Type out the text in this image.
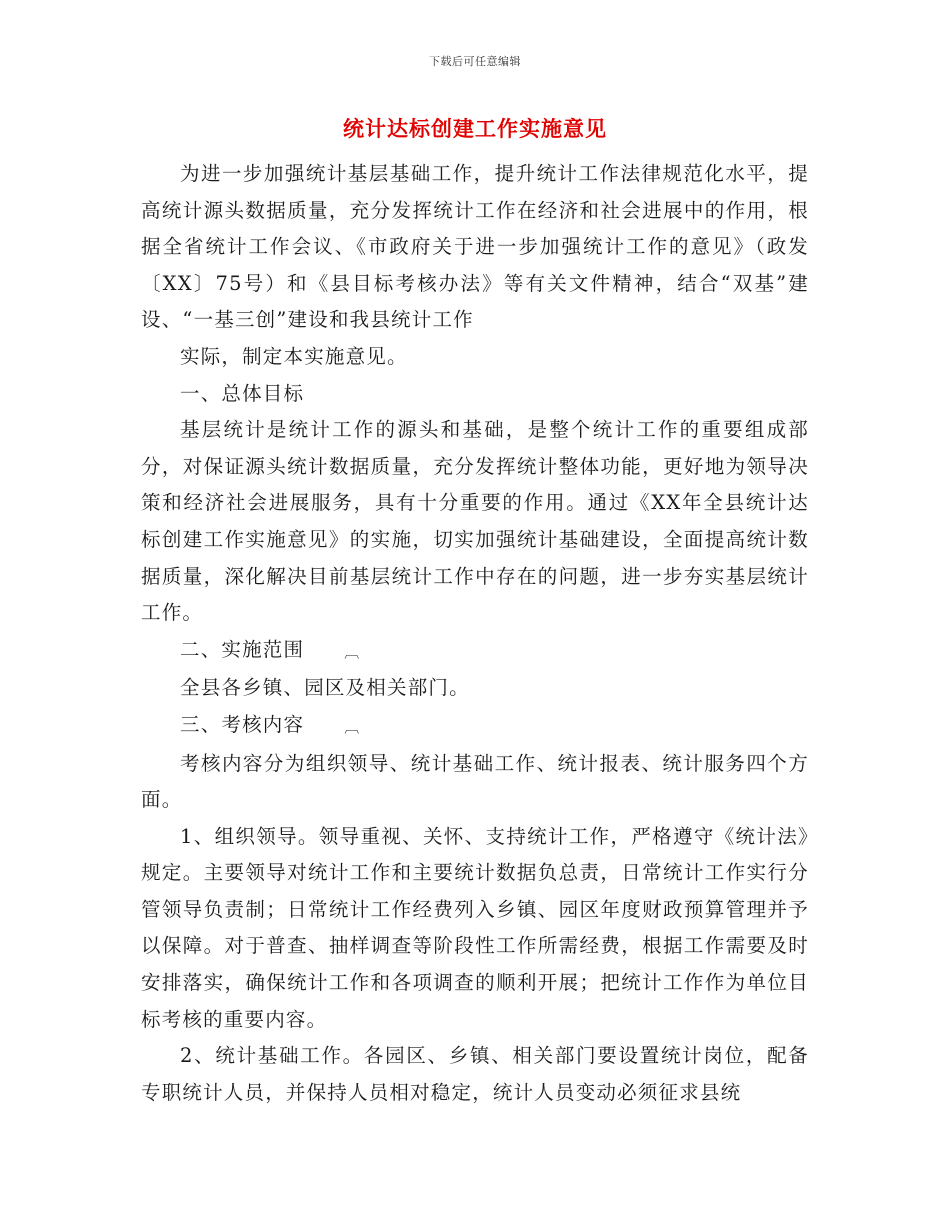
下载后可任意编辑
统计达标创建工作实施意见

为进一步加强统计基层基础工作，提升统计工作法律规范化水平，提高统计源头数据质量，充分发挥统计工作在经济和社会进展中的作用，根据全省统计工作会议、《市政府关于进一步加强统计工作的意见》（政发〔XX〕75号）和《县目标考核办法》等有关文件精神，结合“双基”建设、“一基三创”建设和我县统计工作

实际，制定本实施意见。

一、总体目标

基层统计是统计工作的源头和基础，是整个统计工作的重要组成部分，对保证源头统计数据质量，充分发挥统计整体功能，更好地为领导决策和经济社会进展服务，具有十分重要的作用。通过《XX年全县统计达标创建工作实施意见》的实施，切实加强统计基础建设，全面提高统计数据质量，深化解决目前基层统计工作中存在的问题，进一步夯实基层统计工作。

二、实施范围	︹

全县各乡镇、园区及相关部门。

三、考核内容	︹

考核内容分为组织领导、统计基础工作、统计报表、统计服务四个方面。

1、组织领导。领导重视、关怀、支持统计工作，严格遵守《统计法》规定。主要领导对统计工作和主要统计数据负总责，日常统计工作实行分管领导负责制；日常统计工作经费列入乡镇、园区年度财政预算管理并予以保障。对于普查、抽样调查等阶段性工作所需经费，根据工作需要及时安排落实，确保统计工作和各项调查的顺利开展；把统计工作作为单位目标考核的重要内容。

2、统计基础工作。各园区、乡镇、相关部门要设置统计岗位，配备专职统计人员，并保持人员相对稳定，统计人员变动必须征求县统
